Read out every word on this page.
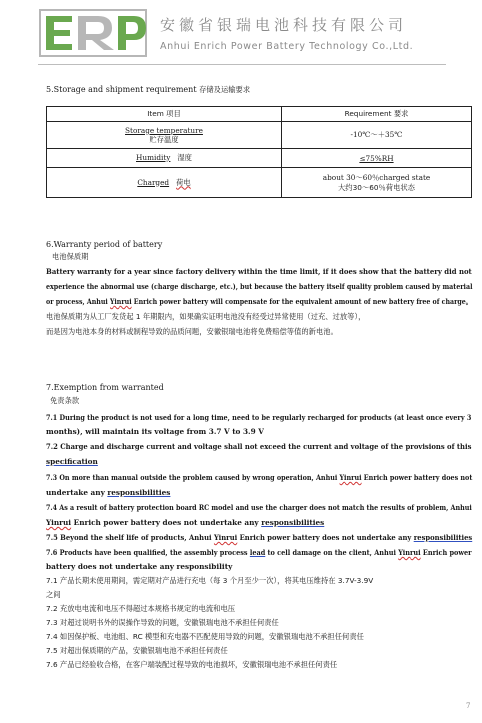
安徽省银瑞电池科技有限公司
Anhui Enrich Power Battery Technology Co.,Ltd.
5.Storage and shipment requirement 存储及运输要求
Item 项目	Requirement 要求

Storage temperature
贮存温度	-10℃～＋35℃

Humidity 湿度	≤75%RH

Charged 荷电	about 30～60％charged state
大约30～60％荷电状态
6.Warranty period of battery
电池保质期
Battery warranty for a year since factory delivery within the time limit, if it does show that the battery did not
experience the abnormal use (charge discharge, etc.), but because the battery itself quality problem caused by material
or process, Anhui Yinrui Enrich power battery will compensate for the equivalent amount of new battery free of charge。
电池保质期为从工厂发货起 1 年期限内，如果确实证明电池没有经受过异常使用（过充、过放等），
而是因为电池本身的材料或制程导致的品质问题，安徽银瑞电池将免费赔偿等值的新电池。
7.Exemption from warranted
免责条款
7.1 During the product is not used for a long time, need to be regularly recharged for products (at least once every 3
months), will maintain its voltage from 3.7 V to 3.9 V
7.2 Charge and discharge current and voltage shall not exceed the current and voltage of the provisions of this
specification
7.3 On more than manual outside the problem caused by wrong operation, Anhui Yinrui Enrich power battery does not
undertake any responsibilities
7.4 As a result of battery protection board RC model and use the charger does not match the results of problem, Anhui
Yinrui Enrich power battery does not undertake any responsibilities
7.5 Beyond the shelf life of products, Anhui Yinrui Enrich power battery does not undertake any responsibilities
7.6 Products have been qualified, the assembly process lead to cell damage on the client, Anhui Yinrui Enrich power
battery does not undertake any responsibility
7.1 产品长期未使用期间，需定期对产品进行充电（每 3 个月至少一次），将其电压维持在 3.7V-3.9V
之间
7.2 充放电电流和电压不得超过本规格书规定的电流和电压
7.3 对超过说明书外的误操作导致的问题，安徽银瑞电池不承担任何责任
7.4 如因保护板、电池组、RC 模型和充电器不匹配使用导致的问题，安徽银瑞电池不承担任何责任
7.5 对超出保质期的产品，安徽银瑞电池不承担任何责任
7.6 产品已经验收合格，在客户端装配过程导致的电池损坏，安徽银瑞电池不承担任何责任
7
